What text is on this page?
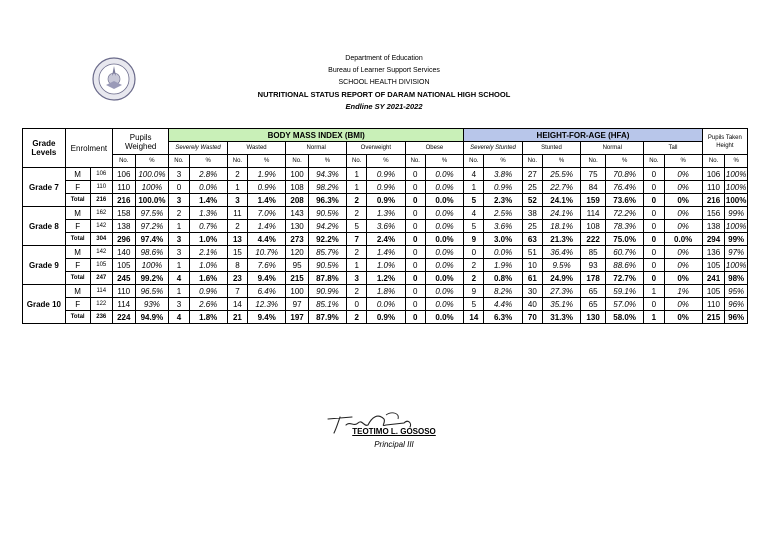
Department of Education
Bureau of Learner Support Services
SCHOOL HEALTH DIVISION
NUTRITIONAL STATUS REPORT OF DARAM NATIONAL HIGH SCHOOL
Endline SY 2021-2022
Grade Levels	Enrolment		Pupils Weighed		BODY MASS INDEX (BMI)										HEIGHT-FOR-AGE (HFA)								Pupils Taken Height	
					Severely Wasted		Wasted		Normal		Overweight		Obese		Severely Stunted		Stunted		Normal		Tall			
			No.	%	No.	%	No.	%	No.	%	No.	%	No.	%	No.	%	No.	%	No.	%	No.	%	No.	%
Grade 7	M	106	106	100.0%	3	2.8%	2	1.9%	100	94.3%	1	0.9%	0	0.0%	4	3.8%	27	25.5%	75	70.8%	0	0%	106	100%
	F	110	110	100%	0	0.0%	1	0.9%	108	98.2%	1	0.9%	0	0.0%	1	0.9%	25	22.7%	84	76.4%	0	0%	110	100%
	Total	216	216	100.0%	3	1.4%	3	1.4%	208	96.3%	2	0.9%	0	0.0%	5	2.3%	52	24.1%	159	73.6%	0	0%	216	100%
Grade 8	M	162	158	97.5%	2	1.3%	11	7.0%	143	90.5%	2	1.3%	0	0.0%	4	2.5%	38	24.1%	114	72.2%	0	0%	156	99%
	F	142	138	97.2%	1	0.7%	2	1.4%	130	94.2%	5	3.6%	0	0.0%	5	3.6%	25	18.1%	108	78.3%	0	0%	138	100%
	Total	304	296	97.4%	3	1.0%	13	4.4%	273	92.2%	7	2.4%	0	0.0%	9	3.0%	63	21.3%	222	75.0%	0	0.0%	294	99%
Grade 9	M	142	140	98.6%	3	2.1%	15	10.7%	120	85.7%	2	1.4%	0	0.0%	0	0.0%	51	36.4%	85	60.7%	0	0%	136	97%
	F	105	105	100%	1	1.0%	8	7.6%	95	90.5%	1	1.0%	0	0.0%	2	1.9%	10	9.5%	93	88.6%	0	0%	105	100%
	Total	247	245	99.2%	4	1.6%	23	9.4%	215	87.8%	3	1.2%	0	0.0%	2	0.8%	61	24.9%	178	72.7%	0	0%	241	98%
Grade 10	M	114	110	96.5%	1	0.9%	7	6.4%	100	90.9%	2	1.8%	0	0.0%	9	8.2%	30	27.3%	65	59.1%	1	1%	105	95%
	F	122	114	93%	3	2.6%	14	12.3%	97	85.1%	0	0.0%	0	0.0%	5	4.4%	40	35.1%	65	57.0%	0	0%	110	96%
	Total	236	224	94.9%	4	1.8%	21	9.4%	197	87.9%	2	0.9%	0	0.0%	14	6.3%	70	31.3%	130	58.0%	1	0%	215	96%
TEOTIMO L. GOSOSO
Principal III
